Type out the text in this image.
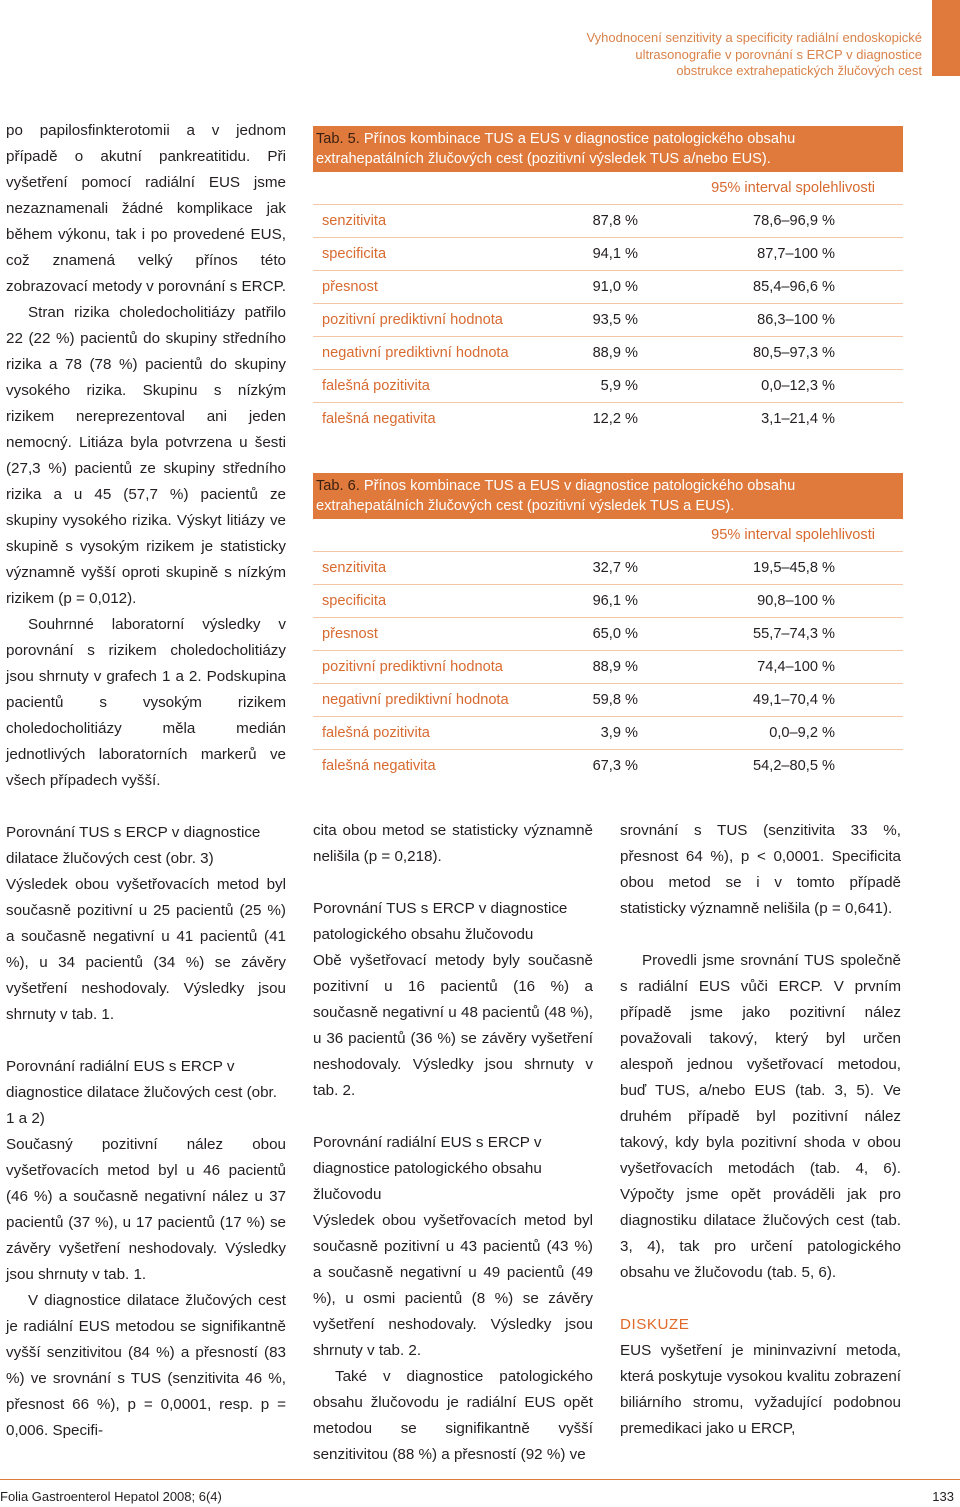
Vyhodnocení senzitivity a specificity radiální endoskopické
ultrasonografie v porovnání s ERCP v diagnostice
obstrukce extrahepatických žlučových cest

po papilosfinkterotomii a v jednom případě o akutní pankreatitidu. Při vyšetření pomocí radiální EUS jsme nezaznamenali žádné komplikace jak během výkonu, tak i po provedené EUS, což znamená velký přínos této zobrazovací metody v porovnání s ERCP.

Stran rizika choledocholitiázy patřilo 22 (22 %) pacientů do skupiny středního rizika a 78 (78 %) pacientů do skupiny vysokého rizika. Skupinu s nízkým rizikem nereprezentoval ani jeden nemocný. Litiáza byla potvrzena u šesti (27,3 %) pacientů ze skupiny středního rizika a u 45 (57,7 %) pacientů ze skupiny vysokého rizika. Výskyt litiázy ve skupině s vysokým rizikem je statisticky významně vyšší oproti skupině s nízkým rizikem (p = 0,012).

Souhrnné laboratorní výsledky v porovnání s rizikem choledocholitiázy jsou shrnuty v grafech 1 a 2. Podskupina pacientů s vysokým rizikem choledocholitiázy měla medián jednotlivých laboratorních markerů ve všech případech vyšší.

Porovnání TUS s ERCP v diagnostice dilatace žlučových cest (obr. 3)

Výsledek obou vyšetřovacích metod byl současně pozitivní u 25 pacientů (25 %) a současně negativní u 41 pacientů (41 %), u 34 pacientů (34 %) se závěry vyšetření neshodovaly. Výsledky jsou shrnuty v tab. 1.

Porovnání radiální EUS s ERCP v diagnostice dilatace žlučových cest (obr. 1 a 2)

Současný pozitivní nález obou vyšetřovacích metod byl u 46 pacientů (46 %) a současně negativní nález u 37 pacientů (37 %), u 17 pacientů (17 %) se závěry vyšetření neshodovaly. Výsledky jsou shrnuty v tab. 1.

V diagnostice dilatace žlučových cest je radiální EUS metodou se signifikantně vyšší senzitivitou (84 %) a přesností (83 %) ve srovnání s TUS (senzitivita 46 %, přesnost 66 %), p = 0,0001, resp. p = 0,006. Specifi-

Tab. 5. Přínos kombinace TUS a EUS v diagnostice patologického obsahu extrahepatálních žlučových cest (pozitivní výsledek TUS a/nebo EUS).
95% interval spolehlivosti
senzitivita	87,8 %	78,6–96,9 %
specificita	94,1 %	87,7–100 %
přesnost	91,0 %	85,4–96,6 %
pozitivní prediktivní hodnota	93,5 %	86,3–100 %
negativní prediktivní hodnota	88,9 %	80,5–97,3 %
falešná pozitivita	5,9 %	0,0–12,3 %
falešná negativita	12,2 %	3,1–21,4 %
Tab. 6. Přínos kombinace TUS a EUS v diagnostice patologického obsahu extrahepatálních žlučových cest (pozitivní výsledek TUS a EUS).
95% interval spolehlivosti
senzitivita	32,7 %	19,5–45,8 %
specificita	96,1 %	90,8–100 %
přesnost	65,0 %	55,7–74,3 %
pozitivní prediktivní hodnota	88,9 %	74,4–100 %
negativní prediktivní hodnota	59,8 %	49,1–70,4 %
falešná pozitivita	3,9 %	0,0–9,2 %
falešná negativita	67,3 %	54,2–80,5 %

cita obou metod se statisticky významně nelišila (p = 0,218).

Porovnání TUS s ERCP v diagnostice patologického obsahu žlučovodu

Obě vyšetřovací metody byly současně pozitivní u 16 pacientů (16 %) a současně negativní u 48 pacientů (48 %), u 36 pacientů (36 %) se závěry vyšetření neshodovaly. Výsledky jsou shrnuty v tab. 2.

Porovnání radiální EUS s ERCP v diagnostice patologického obsahu žlučovodu

Výsledek obou vyšetřovacích metod byl současně pozitivní u 43 pacientů (43 %) a současně negativní u 49 pacientů (49 %), u osmi pacientů (8 %) se závěry vyšetření neshodovaly. Výsledky jsou shrnuty v tab. 2.

Také v diagnostice patologického obsahu žlučovodu je radiální EUS opět metodou se signifikantně vyšší senzitivitou (88 %) a přesností (92 %) ve

srovnání s TUS (senzitivita 33 %, přesnost 64 %), p < 0,0001. Specificita obou metod se i v tomto případě statisticky významně nelišila (p = 0,641).

Provedli jsme srovnání TUS společně s radiální EUS vůči ERCP. V prvním případě jsme jako pozitivní nález považovali takový, který byl určen alespoň jednou vyšetřovací metodou, buď TUS, a/nebo EUS (tab. 3, 5). Ve druhém případě byl pozitivní nález takový, kdy byla pozitivní shoda v obou vyšetřovacích metodách (tab. 4, 6). Výpočty jsme opět prováděli jak pro diagnostiku dilatace žlučových cest (tab. 3, 4), tak pro určení patologického obsahu ve žlučovodu (tab. 5, 6).

DISKUZE

EUS vyšetření je mininvazivní metoda, která poskytuje vysokou kvalitu zobrazení biliárního stromu, vyžadující podobnou premedikaci jako u ERCP,

Folia Gastroenterol Hepatol 2008; 6(4)	133
